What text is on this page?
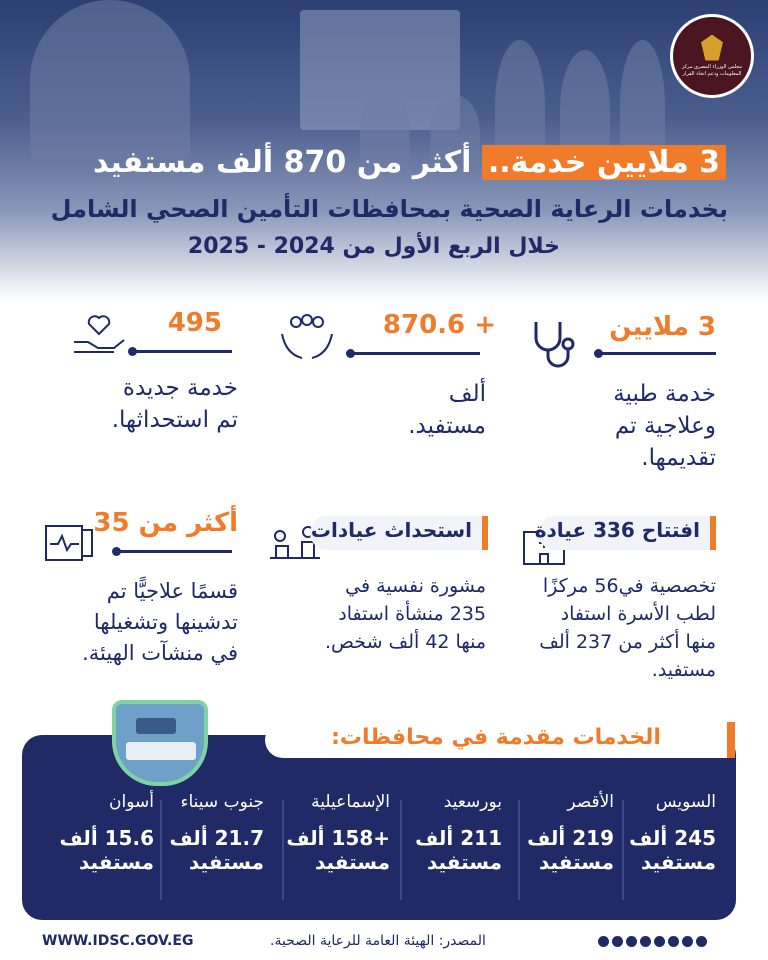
مجلس الوزراء المصري مركز المعلومات ودعم اتخاذ القرار
3 ملايين خدمة.. أكثر من 870 ألف مستفيد
بخدمات الرعاية الصحية بمحافظات التأمين الصحي الشامل
خلال الربع الأول من 2024 - 2025
3 ملايين
خدمة طبية
وعلاجية تم
تقديمها.
+ 870.6
ألف
مستفيد.
495
خدمة جديدة
تم استحداثها.
افتتاح 336 عيادة
تخصصية في56 مركزًا
لطب الأسرة استفاد
منها أكثر من 237 ألف
مستفيد.
استحداث عيادات
مشورة نفسية في
235 منشأة استفاد
منها 42 ألف شخص.
أكثر من 35
قسمًا علاجيًّا تم
تدشينها وتشغيلها
في منشآت الهيئة.
الخدمات مقدمة في محافظات:
السويس
245 ألف
مستفيد
الأقصر
219 ألف
مستفيد
بورسعيد
211 ألف
مستفيد
الإسماعيلية
+158 ألف
مستفيد
جنوب سيناء
21.7 ألف
مستفيد
أسوان
15.6 ألف
مستفيد
WWW.IDSC.GOV.EG	المصدر: الهيئة العامة للرعاية الصحية.
